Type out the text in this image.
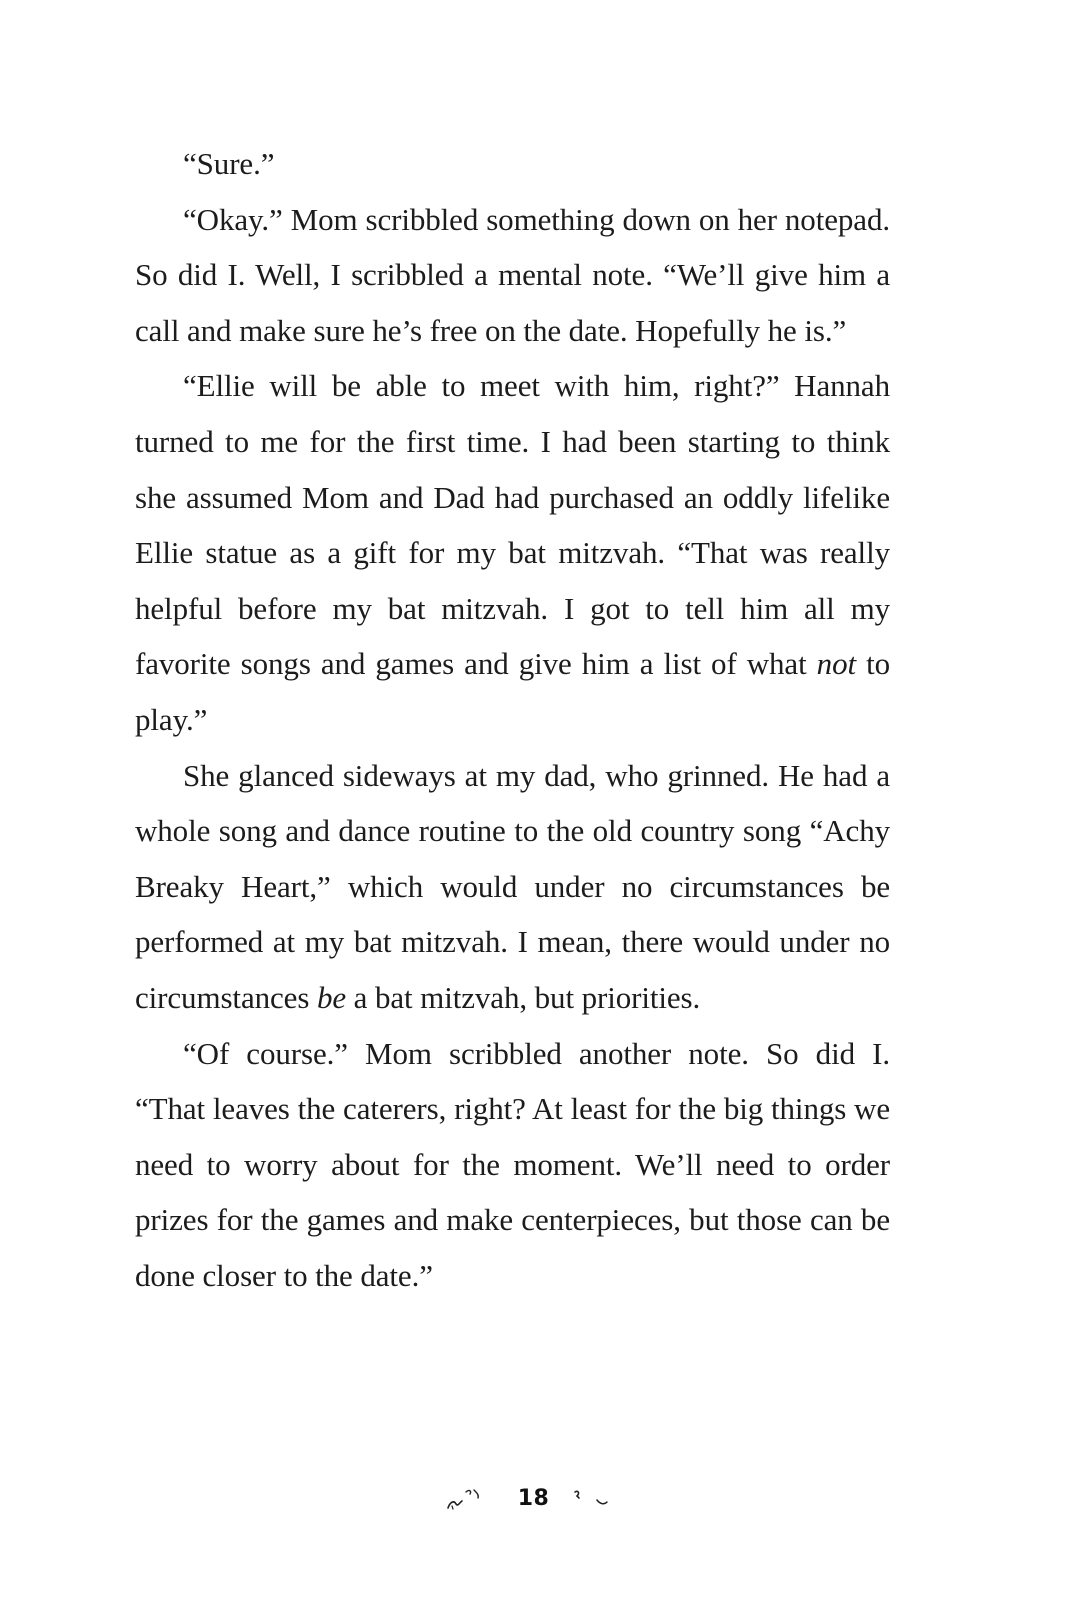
“Sure.”

“Okay.” Mom scribbled something down on her notepad. So did I. Well, I scribbled a mental note. “We’ll give him a call and make sure he’s free on the date. Hopefully he is.”

“Ellie will be able to meet with him, right?” Hannah turned to me for the first time. I had been starting to think she assumed Mom and Dad had purchased an oddly lifelike Ellie statue as a gift for my bat mitzvah. “That was really helpful before my bat mitzvah. I got to tell him all my favorite songs and games and give him a list of what not to play.”

She glanced sideways at my dad, who grinned. He had a whole song and dance routine to the old country song “Achy Breaky Heart,” which would under no circumstances be performed at my bat mitzvah. I mean, there would under no circumstances be a bat mitzvah, but priorities.

“Of course.” Mom scribbled another note. So did I. “That leaves the caterers, right? At least for the big things we need to worry about for the moment. We’ll need to order prizes for the games and make centerpieces, but those can be done closer to the date.”

18
